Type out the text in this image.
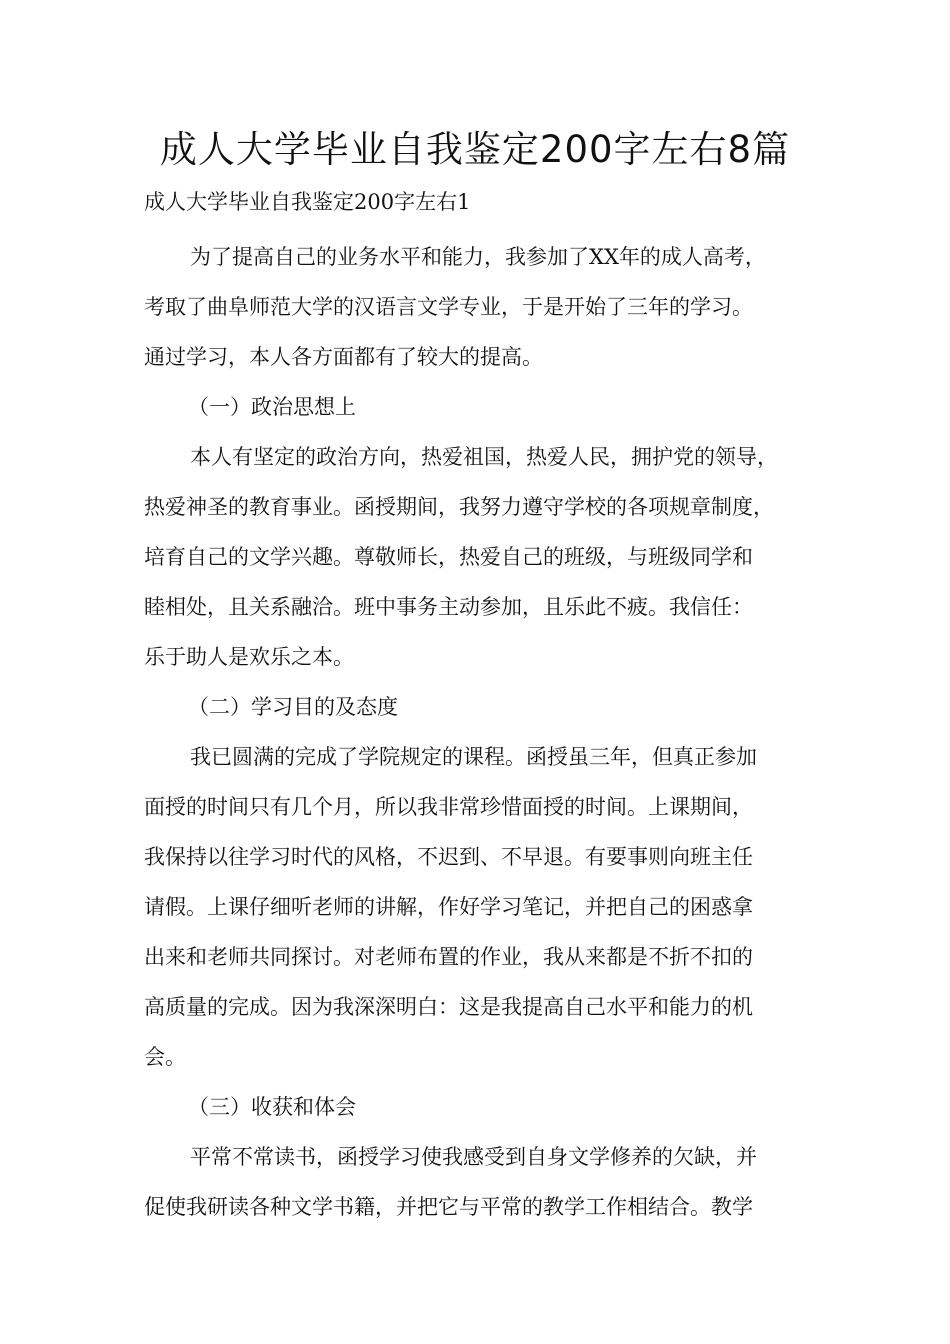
成人大学毕业自我鉴定200字左右8篇

成人大学毕业自我鉴定200字左右1

为了提高自己的业务水平和能力，我参加了XX年的成人高考，

考取了曲阜师范大学的汉语言文学专业，于是开始了三年的学习。

通过学习，本人各方面都有了较大的提高。

（一）政治思想上

本人有坚定的政治方向，热爱祖国，热爱人民，拥护党的领导，

热爱神圣的教育事业。函授期间，我努力遵守学校的各项规章制度，

培育自己的文学兴趣。尊敬师长，热爱自己的班级，与班级同学和

睦相处，且关系融洽。班中事务主动参加，且乐此不疲。我信任：

乐于助人是欢乐之本。

（二）学习目的及态度

我已圆满的完成了学院规定的课程。函授虽三年，但真正参加

面授的时间只有几个月，所以我非常珍惜面授的时间。上课期间，

我保持以往学习时代的风格，不迟到、不早退。有要事则向班主任

请假。上课仔细听老师的讲解，作好学习笔记，并把自己的困惑拿

出来和老师共同探讨。对老师布置的作业，我从来都是不折不扣的

高质量的完成。因为我深深明白：这是我提高自己水平和能力的机

会。

（三）收获和体会

平常不常读书，函授学习使我感受到自身文学修养的欠缺，并

促使我研读各种文学书籍，并把它与平常的教学工作相结合。教学
